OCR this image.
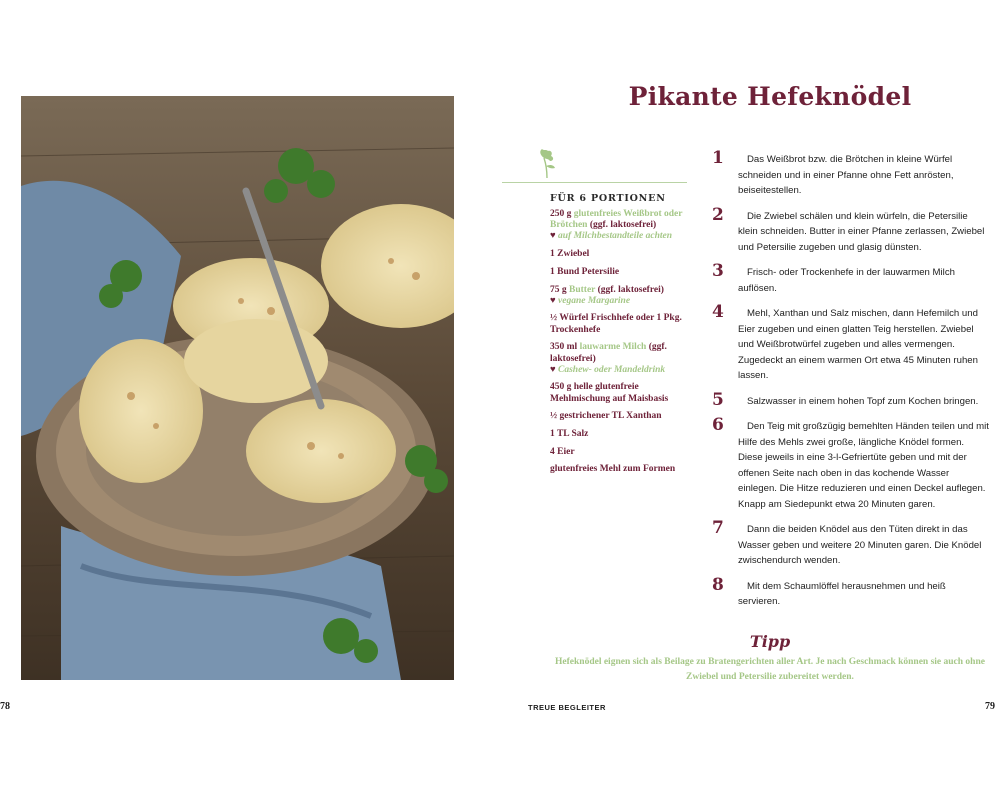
Pikante Hefeknödel
FÜR 6 PORTIONEN
250 g glutenfreies Weißbrot oder Brötchen (ggf. laktosefrei)
♥ auf Milchbestandteile achten
1 Zwiebel
1 Bund Petersilie
75 g Butter (ggf. laktosefrei)
♥ vegane Margarine
½ Würfel Frischhefe oder 1 Pkg. Trockenhefe
350 ml lauwarme Milch (ggf. laktosefrei)
♥ Cashew- oder Mandeldrink
450 g helle glutenfreie Mehlmischung auf Maisbasis
½ gestrichener TL Xanthan
1 TL Salz
4 Eier
glutenfreies Mehl zum Formen
1	Das Weißbrot bzw. die Brötchen in kleine Würfel schneiden und in einer Pfanne ohne Fett anrösten, beiseitestellen.
2	Die Zwiebel schälen und klein würfeln, die Petersilie klein schneiden. Butter in einer Pfanne zerlassen, Zwiebel und Petersilie zugeben und glasig dünsten.
3	Frisch- oder Trockenhefe in der lauwarmen Milch auflösen.
4	Mehl, Xanthan und Salz mischen, dann Hefemilch und Eier zugeben und einen glatten Teig herstellen. Zwiebel und Weißbrotwürfel zugeben und alles vermengen. Zugedeckt an einem warmen Ort etwa 45 Minuten ruhen lassen.
5	Salzwasser in einem hohen Topf zum Kochen bringen.
6	Den Teig mit großzügig bemehlten Händen teilen und mit Hilfe des Mehls zwei große, längliche Knödel formen. Diese jeweils in eine 3-l-Gefriertüte geben und mit der offenen Seite nach oben in das kochende Wasser einlegen. Die Hitze reduzieren und einen Deckel auflegen. Knapp am Siedepunkt etwa 20 Minuten garen.
7	Dann die beiden Knödel aus den Tüten direkt in das Wasser geben und weitere 20 Minuten garen. Die Knödel zwischendurch wenden.
8	Mit dem Schaumlöffel herausnehmen und heiß servieren.
Tipp
Hefeknödel eignen sich als Beilage zu Bratengerichten aller Art. Je nach Geschmack können sie auch ohne Zwiebel und Petersilie zubereitet werden.
78	TREUE BEGLEITER	79
